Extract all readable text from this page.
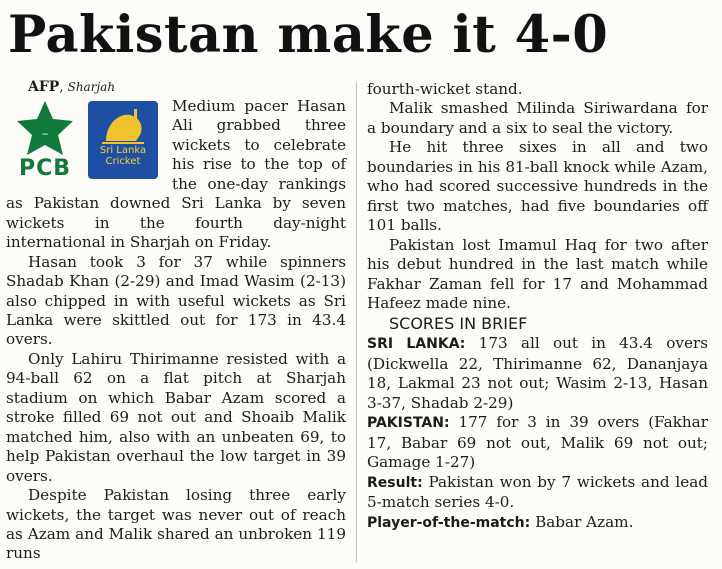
Pakistan make it 4-0

AFP, Sharjah

~
PCB
Sri Lanka
Cricket

Medium pacer Hasan Ali grabbed three wickets to celebrate his rise to the top of the one-day rankings as Pakistan downed Sri Lanka by seven wickets in the fourth day-night international in Sharjah on Friday.

Hasan took 3 for 37 while spinners Shadab Khan (2-29) and Imad Wasim (2-13) also chipped in with useful wickets as Sri Lanka were skittled out for 173 in 43.4 overs.

Only Lahiru Thirimanne resisted with a 94-ball 62 on a flat pitch at Sharjah stadium on which Babar Azam scored a stroke filled 69 not out and Shoaib Malik matched him, also with an unbeaten 69, to help Pakistan overhaul the low target in 39 overs.

Despite Pakistan losing three early wickets, the target was never out of reach as Azam and Malik shared an unbroken 119 runs

fourth-wicket stand.

Malik smashed Milinda Siriwardana for a boundary and a six to seal the victory.

He hit three sixes in all and two boundaries in his 81-ball knock while Azam, who had scored successive hundreds in the first two matches, had five boundaries off 101 balls.

Pakistan lost Imamul Haq for two after his debut hundred in the last match while Fakhar Zaman fell for 17 and Mohammad Hafeez made nine.

SCORES IN BRIEF

SRI LANKA: 173 all out in 43.4 overs (Dickwella 22, Thirimanne 62, Dananjaya 18, Lakmal 23 not out; Wasim 2-13, Hasan 3-37, Shadab 2-29)

PAKISTAN: 177 for 3 in 39 overs (Fakhar 17, Babar 69 not out, Malik 69 not out; Gamage 1-27)

Result: Pakistan won by 7 wickets and lead 5-match series 4-0.

Player-of-the-match: Babar Azam.
